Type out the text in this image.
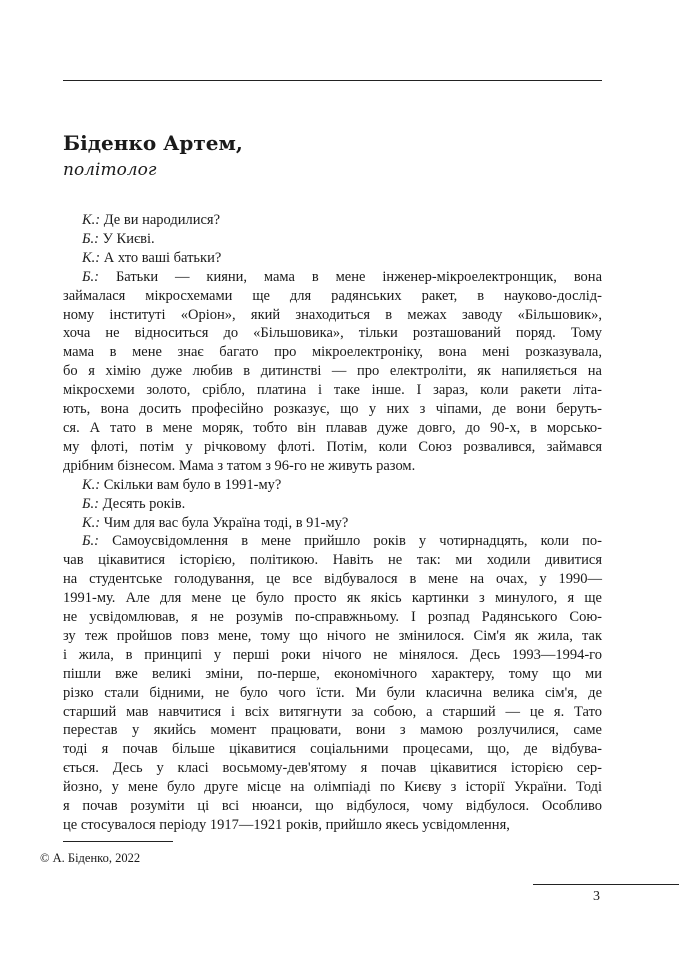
Біденко Артем,
політолог
К.: Де ви народилися?
Б.: У Києві.
К.: А хто ваші батьки?
Б.: Батьки — кияни, мама в мене інженер-мікроелектронщик, вона
займалася мікросхемами ще для радянських ракет, в науково-дослід-
ному інституті «Оріон», який знаходиться в межах заводу «Більшовик»,
хоча не відноситься до «Більшовика», тільки розташований поряд. Тому
мама в мене знає багато про мікроелектроніку, вона мені розказувала,
бо я хімію дуже любив в дитинстві — про електроліти, як напиляється на
мікросхеми золото, срібло, платина і таке інше. І зараз, коли ракети літа-
ють, вона досить професійно розказує, що у них з чіпами, де вони беруть-
ся. А тато в мене моряк, тобто він плавав дуже довго, до 90-х, в морсько-
му флоті, потім у річковому флоті. Потім, коли Союз розвалився, займався
дрібним бізнесом. Мама з татом з 96-го не живуть разом.
К.: Скільки вам було в 1991-му?
Б.: Десять років.
К.: Чим для вас була Україна тоді, в 91-му?
Б.: Самоусвідомлення в мене прийшло років у чотирнадцять, коли по-
чав цікавитися історією, політикою. Навіть не так: ми ходили дивитися
на студентське голодування, це все відбувалося в мене на очах, у 1990—
1991-му. Але для мене це було просто як якісь картинки з минулого, я ще
не усвідомлював, я не розумів по-справжньому. І розпад Радянського Сою-
зу теж пройшов повз мене, тому що нічого не змінилося. Сім'я як жила, так
і жила, в принципі у перші роки нічого не мінялося. Десь 1993—1994-го
пішли вже великі зміни, по-перше, економічного характеру, тому що ми
різко стали бідними, не було чого їсти. Ми були класична велика сім'я, де
старший мав навчитися і всіх витягнути за собою, а старший — це я. Тато
перестав у якийсь момент працювати, вони з мамою розлучилися, саме
тоді я почав більше цікавитися соціальними процесами, що, де відбува-
ється. Десь у класі восьмому-дев'ятому я почав цікавитися історією сер-
йозно, у мене було друге місце на олімпіаді по Києву з історії України. Тоді
я почав розуміти ці всі нюанси, що відбулося, чому відбулося. Особливо
це стосувалося періоду 1917—1921 років, прийшло якесь усвідомлення,
© А. Біденко, 2022
3
